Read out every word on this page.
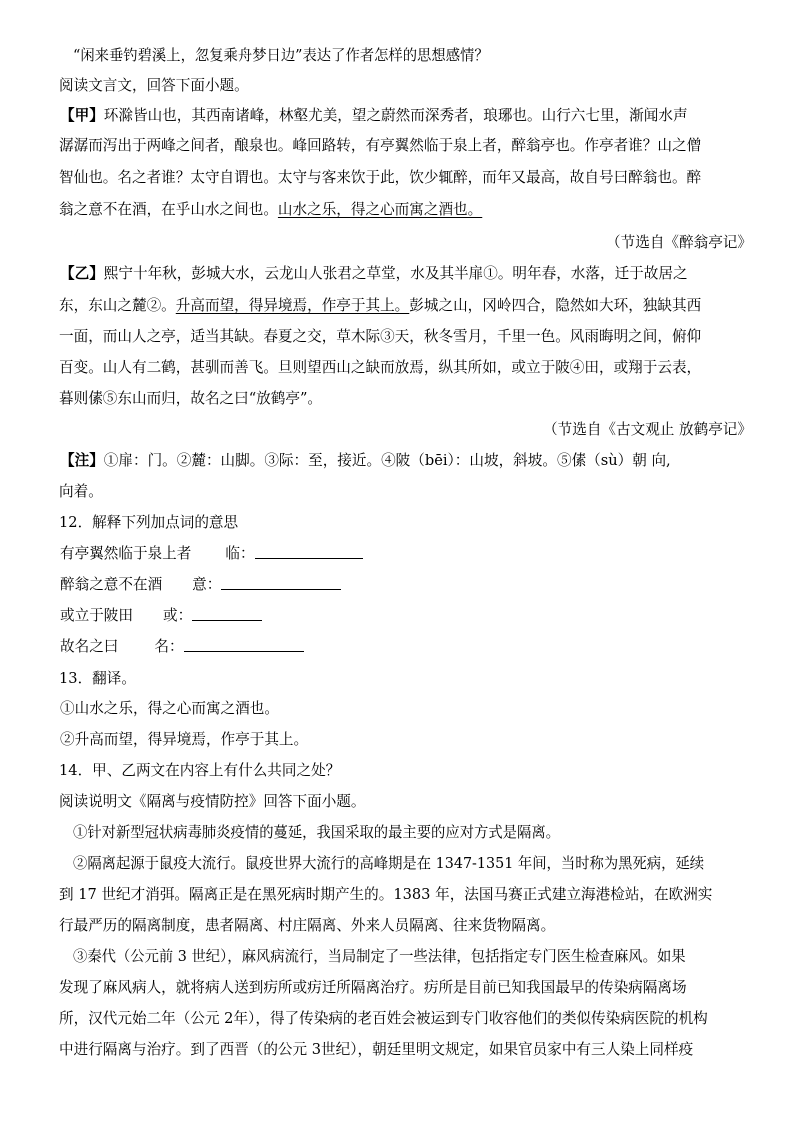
“闲来垂钓碧溪上，忽复乘舟梦日边”表达了作者怎样的思想感情？
阅读文言文，回答下面小题。
【甲】环滁皆山也，其西南诸峰，林壑尤美，望之蔚然而深秀者，琅琊也。山行六七里，渐闻水声
潺潺而泻出于两峰之间者，酿泉也。峰回路转，有亭翼然临于泉上者，醉翁亭也。作亭者谁？山之僧
智仙也。名之者谁？太守自谓也。太守与客来饮于此，饮少辄醉，而年又最高，故自号曰醉翁也。醉
翁之意不在酒，在乎山水之间也。山水之乐，得之心而寓之酒也。
（节选自《醉翁亭记》
【乙】熙宁十年秋，彭城大水，云龙山人张君之草堂，水及其半扉①。明年春，水落，迁于故居之
东，东山之麓②。升高而望，得异境焉，作亭于其上。彭城之山，冈岭四合，隐然如大环，独缺其西
一面，而山人之亭，适当其缺。春夏之交，草木际③天，秋冬雪月，千里一色。风雨晦明之间，俯仰
百变。山人有二鹤，甚驯而善飞。旦则望西山之缺而放焉，纵其所如，或立于陂④田，或翔于云表，
暮则傃⑤东山而归，故名之曰“放鹤亭”。
（节选自《古文观止 放鹤亭记》
【注】①扉：门。②麓：山脚。③际：至，接近。④陂（bēi）：山坡，斜坡。⑤傃（sù）朝 向,
向着。
12．解释下列加点词的意思
有亭翼然临于泉上者 临：
醉翁之意不在酒 意：
或立于陂田 或：
故名之曰 名：
13．翻译。
①山水之乐，得之心而寓之酒也。
②升高而望，得异境焉，作亭于其上。
14．甲、乙两文在内容上有什么共同之处？
阅读说明文《隔离与疫情防控》回答下面小题。
①针对新型冠状病毒肺炎疫情的蔓延，我国采取的最主要的应对方式是隔离。
②隔离起源于鼠疫大流行。鼠疫世界大流行的高峰期是在 1347-1351 年间，当时称为黑死病，延续
到 17 世纪才消弭。隔离正是在黑死病时期产生的。1383 年，法国马赛正式建立海港检站，在欧洲实
行最严历的隔离制度，患者隔离、村庄隔离、外来人员隔离、往来货物隔离。
③秦代（公元前 3 世纪），麻风病流行，当局制定了一些法律，包括指定专门医生检查麻风。如果
发现了麻风病人，就将病人送到疠所或疠迁所隔离治疗。疠所是目前已知我国最早的传染病隔离场
所，汉代元始二年（公元 2年），得了传染病的老百姓会被运到专门收容他们的类似传染病医院的机构
中进行隔离与治疗。到了西晋（的公元 3世纪），朝廷里明文规定，如果官员家中有三人染上同样疫
